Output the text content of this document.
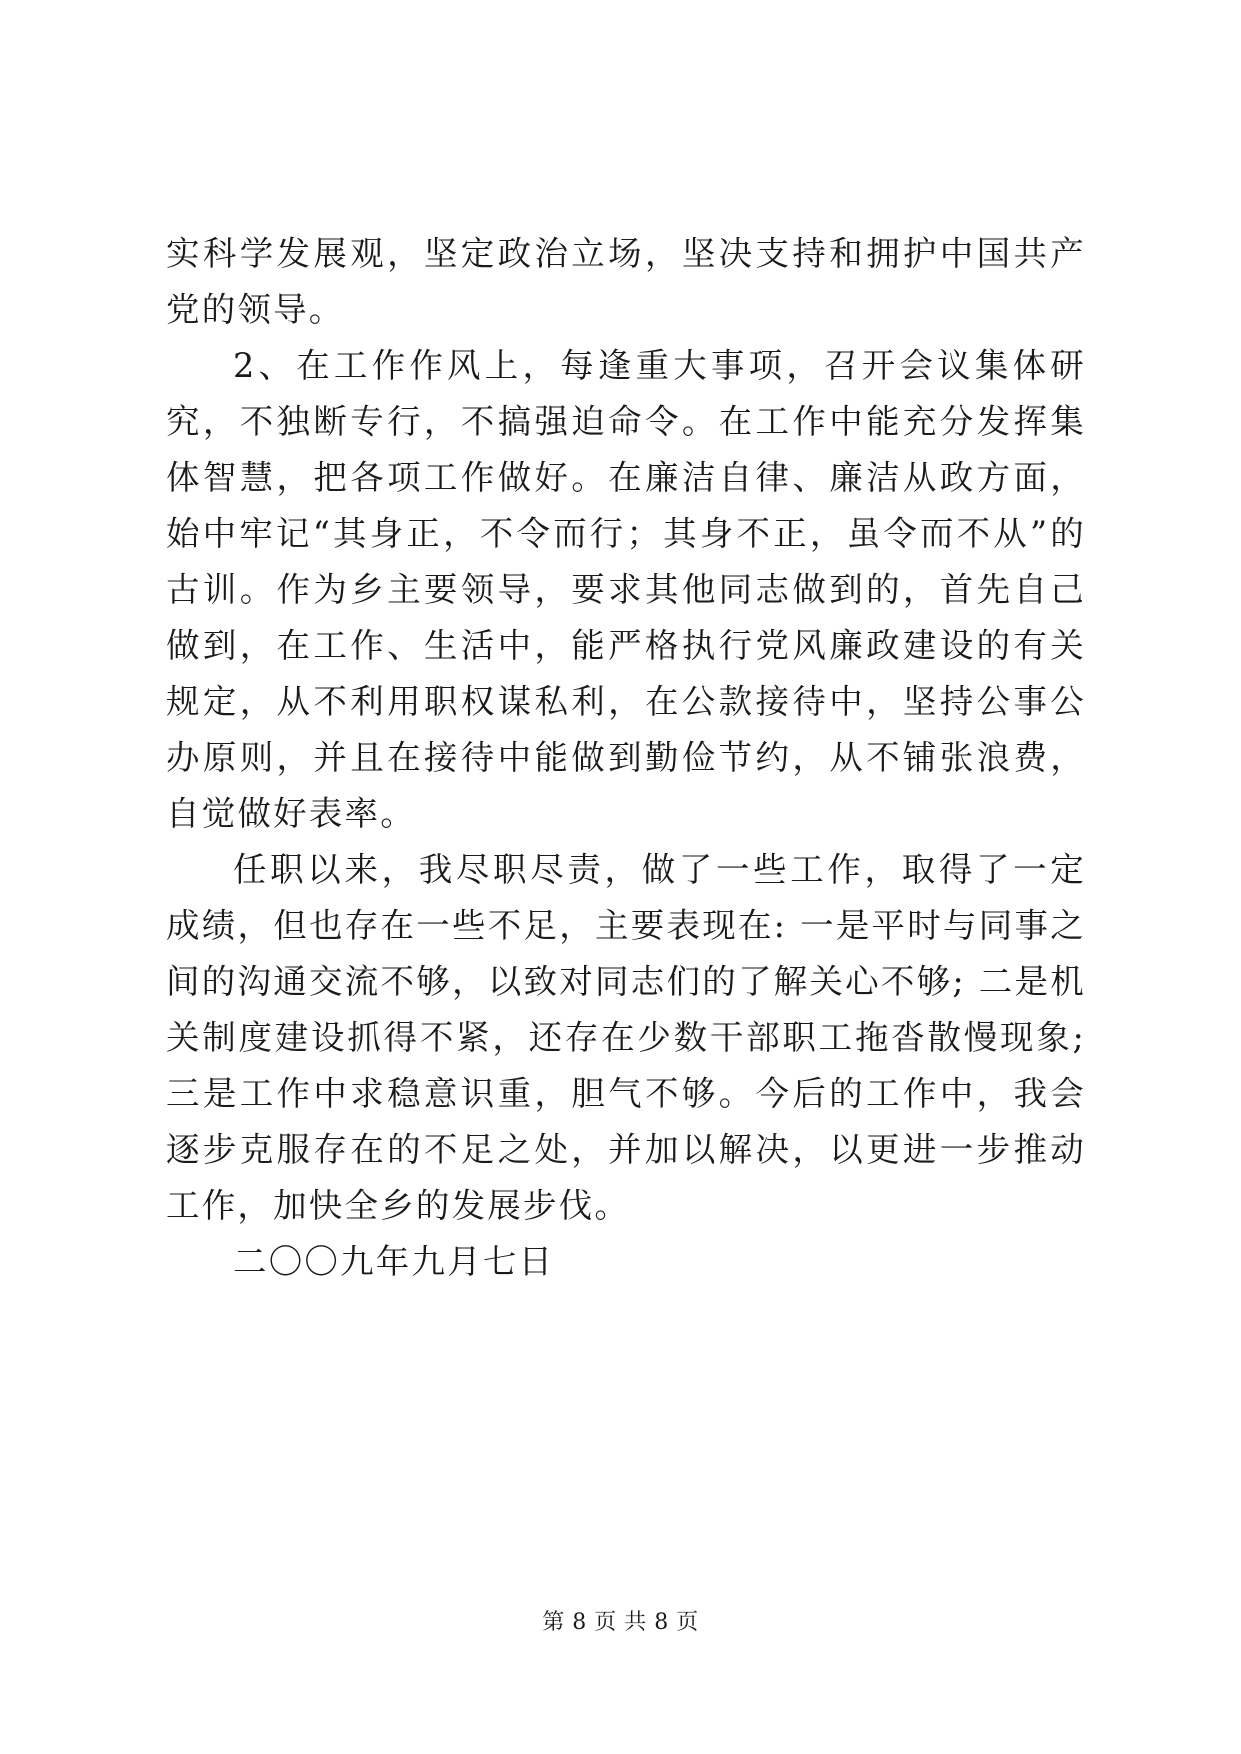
实科学发展观，坚定政治立场，坚决支持和拥护中国共产党的领导。

2、在工作作风上，每逢重大事项，召开会议集体研究，不独断专行，不搞强迫命令。在工作中能充分发挥集体智慧，把各项工作做好。在廉洁自律、廉洁从政方面，始中牢记“其身正，不令而行；其身不正，虽令而不从”的古训。作为乡主要领导，要求其他同志做到的，首先自己做到，在工作、生活中，能严格执行党风廉政建设的有关规定，从不利用职权谋私利，在公款接待中，坚持公事公办原则，并且在接待中能做到勤俭节约，从不铺张浪费，自觉做好表率。

任职以来，我尽职尽责，做了一些工作，取得了一定成绩，但也存在一些不足，主要表现在: 一是平时与同事之间的沟通交流不够，以致对同志们的了解关心不够; 二是机关制度建设抓得不紧，还存在少数干部职工拖沓散慢现象; 三是工作中求稳意识重，胆气不够。今后的工作中，我会逐步克服存在的不足之处，并加以解决，以更进一步推动工作，加快全乡的发展步伐。

二〇〇九年九月七日

第 8 页 共 8 页
